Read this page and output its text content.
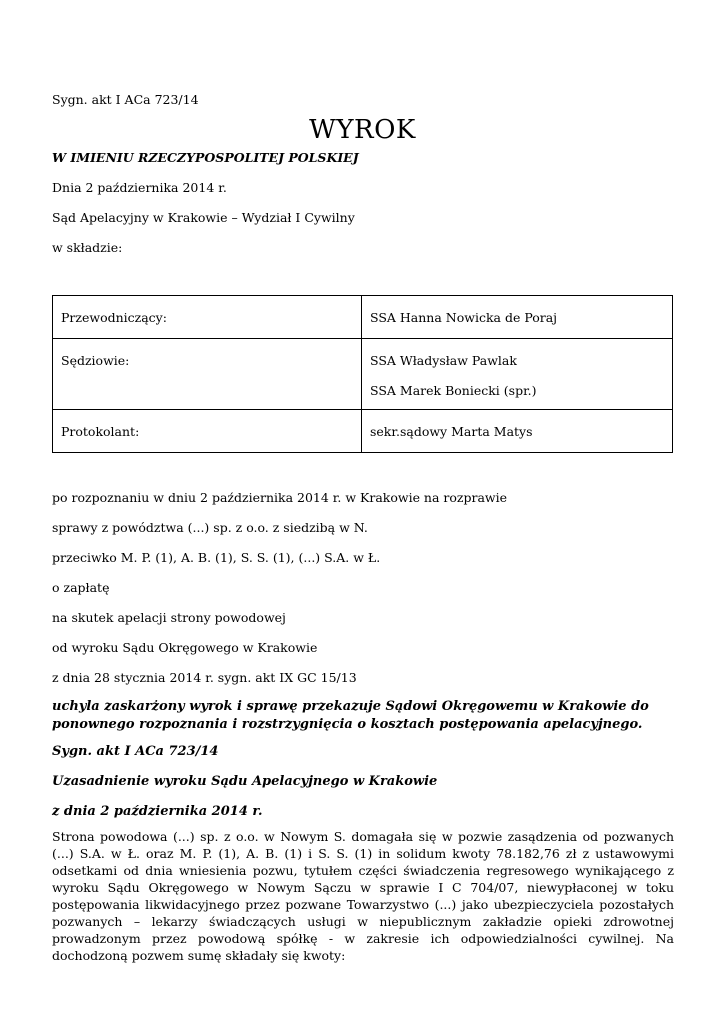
Sygn. akt I ACa 723/14
WYROK
W IMIENIU RZECZYPOSPOLITEJ POLSKIEJ
Dnia 2 października 2014 r.
Sąd Apelacyjny w Krakowie – Wydział I Cywilny
w składzie:
Przewodniczący:	SSA Hanna Nowicka de Poraj
Sędziowie:	SSA Władysław Pawlak
SSA Marek Boniecki (spr.)

Protokolant:	sekr.sądowy Marta Matys
po rozpoznaniu w dniu 2 października 2014 r. w Krakowie na rozprawie
sprawy z powództwa (...) sp. z o.o. z siedzibą w N.
przeciwko M. P. (1), A. B. (1), S. S. (1), (...) S.A. w Ł.
o zapłatę
na skutek apelacji strony powodowej
od wyroku Sądu Okręgowego w Krakowie
z dnia 28 stycznia 2014 r. sygn. akt IX GC 15/13
uchyla zaskarżony wyrok i sprawę przekazuje Sądowi Okręgowemu w Krakowie do ponownego rozpoznania i rozstrzygnięcia o kosztach postępowania apelacyjnego.
Sygn. akt I ACa 723/14
Uzasadnienie wyroku Sądu Apelacyjnego w Krakowie
z dnia 2 października 2014 r.
Strona powodowa (...) sp. z o.o. w Nowym S. domagała się w pozwie zasądzenia od pozwanych (...) S.A. w Ł. oraz M. P. (1), A. B. (1) i S. S. (1) in solidum kwoty 78.182,76 zł z ustawowymi odsetkami od dnia wniesienia pozwu, tytułem części świadczenia regresowego wynikającego z wyroku Sądu Okręgowego w Nowym Sączu w sprawie I C 704/07, niewypłaconej w toku postępowania likwidacyjnego przez pozwane Towarzystwo (...) jako ubezpieczyciela pozostałych pozwanych – lekarzy świadczących usługi w niepublicznym zakładzie opieki zdrowotnej prowadzonym przez powodową spółkę - w zakresie ich odpowiedzialności cywilnej. Na dochodzoną pozwem sumę składały się kwoty:
